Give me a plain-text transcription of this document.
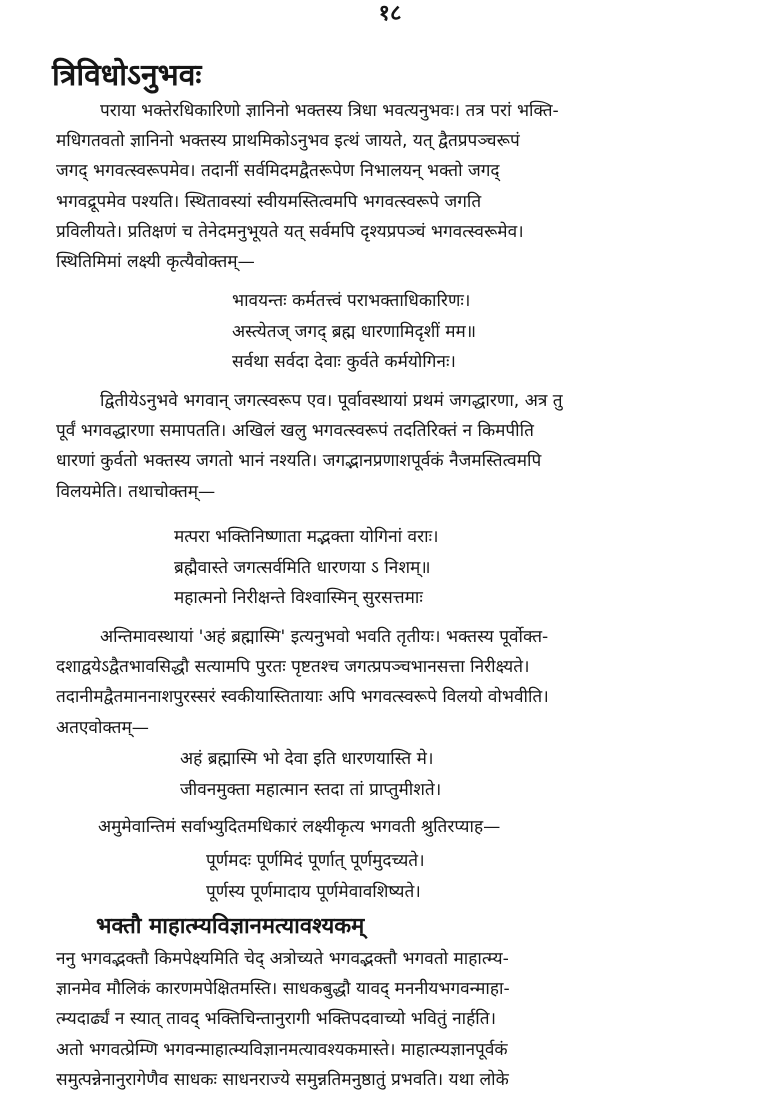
१८
त्रिविधोऽनुभवः
पराया भक्तेरधिकारिणो ज्ञानिनो भक्तस्य त्रिधा भवत्यनुभवः। तत्र परां भक्ति-
मधिगतवतो ज्ञानिनो भक्तस्य प्राथमिकोऽनुभव इत्थं जायते, यत् द्वैतप्रपञ्चरूपं
जगद् भगवत्स्वरूपमेव। तदानीं सर्वमिदमद्वैतरूपेण निभालयन् भक्तो जगद्
भगवद्रूपमेव पश्यति। स्थितावस्यां स्वीयमस्तित्वमपि भगवत्स्वरूपे जगति
प्रविलीयते। प्रतिक्षणं च तेनेदमनुभूयते यत् सर्वमपि दृश्यप्रपञ्चं भगवत्स्वरूमेव।
स्थितिमिमां लक्ष्यी कृत्यैवोक्तम्—
भावयन्तः कर्मतत्त्वं पराभक्ताधिकारिणः।
अस्त्येतज् जगद् ब्रह्म धारणामिदृशीं मम॥
सर्वथा सर्वदा देवाः कुर्वते कर्मयोगिनः।
द्वितीयेऽनुभवे भगवान् जगत्स्वरूप एव। पूर्वावस्थायां प्रथमं जगद्धारणा, अत्र तु
पूर्वं भगवद्धारणा समापतति। अखिलं खलु भगवत्स्वरूपं तदतिरिक्तं न किमपीति
धारणां कुर्वतो भक्तस्य जगतो भानं नश्यति। जगद्भानप्रणाशपूर्वकं नैजमस्तित्वमपि
विलयमेति। तथाचोक्तम्—
मत्परा भक्तिनिष्णाता मद्भक्ता योगिनां वराः।
ब्रह्मैवास्ते जगत्सर्वमिति धारणया ऽ निशम्॥
महात्मनो निरीक्षन्ते विश्वास्मिन् सुरसत्तमाः
अन्तिमावस्थायां 'अहं ब्रह्मास्मि' इत्यनुभवो भवति तृतीयः। भक्तस्य पूर्वोक्त-
दशाद्वयेऽद्वैतभावसिद्धौ सत्यामपि पुरतः पृष्टतश्च जगत्प्रपञ्चभानसत्ता निरीक्ष्यते।
तदानीमद्वैतमाननाशपुरस्सरं स्वकीयास्तितायाः अपि भगवत्स्वरूपे विलयो वोभवीति।
अतएवोक्तम्—
अहं ब्रह्मास्मि भो देवा इति धारणयास्ति मे।
जीवनमुक्ता महात्मान स्तदा तां प्राप्तुमीशते।
अमुमेवान्तिमं सर्वाभ्युदितमधिकारं लक्ष्यीकृत्य भगवती श्रुतिरप्याह—
पूर्णमदः पूर्णमिदं पूर्णात् पूर्णमुदच्यते।
पूर्णस्य पूर्णमादाय पूर्णमेवावशिष्यते।
भक्तौ माहात्म्यविज्ञानमत्यावश्यकम्
ननु भगवद्भक्तौ किमपेक्ष्यमिति चेद् अत्रोच्यते भगवद्भक्तौ भगवतो माहात्म्य-
ज्ञानमेव मौलिकं कारणमपेक्षितमस्ति। साधकबुद्धौ यावद् मननीयभगवन्माहा-
त्म्यदार्ढ्यं न स्यात् तावद् भक्तिचिन्तानुरागी भक्तिपदवाच्यो भवितुं नार्हति।
अतो भगवत्प्रेम्णि भगवन्माहात्म्यविज्ञानमत्यावश्यकमास्ते। माहात्म्यज्ञानपूर्वकं
समुत्पन्नेनानुरागेणैव साधकः साधनराज्ये समुन्नतिमनुष्ठातुं प्रभवति। यथा लोके
